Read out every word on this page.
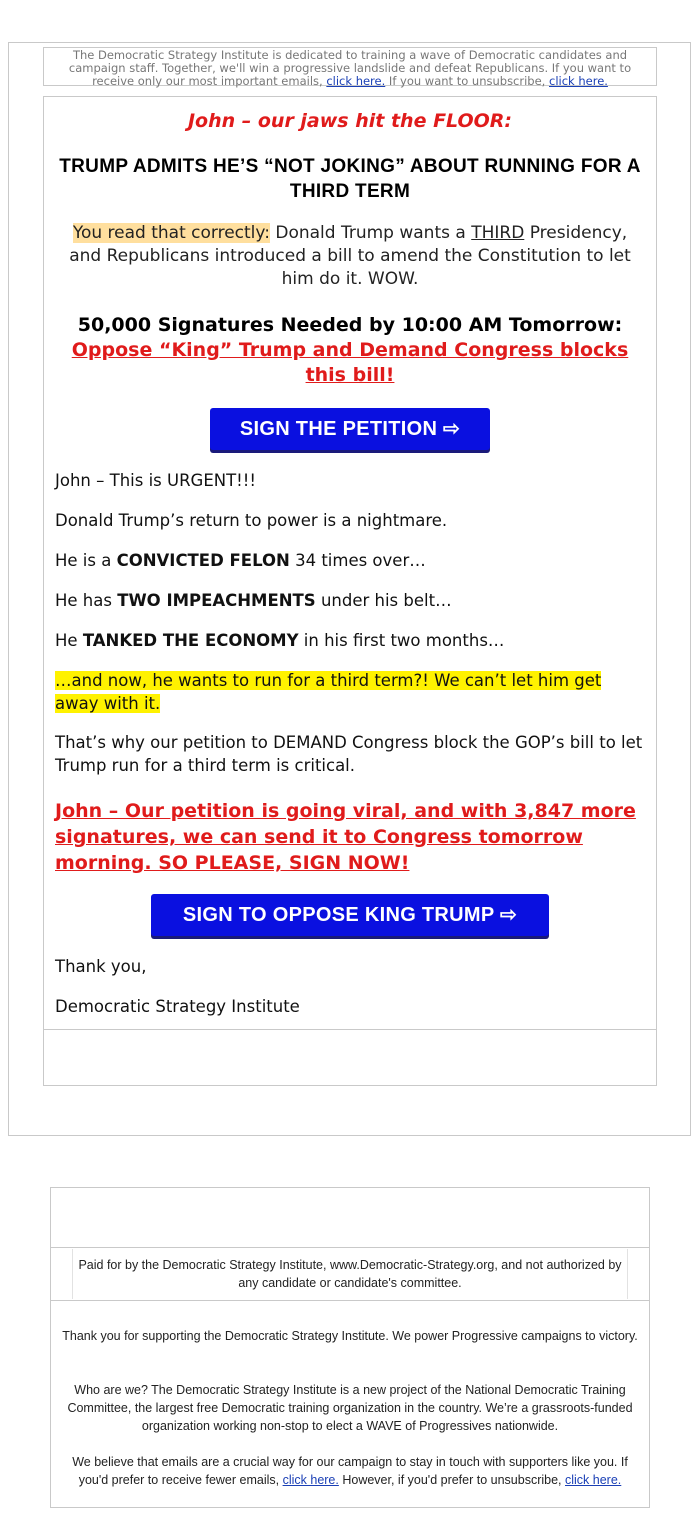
The Democratic Strategy Institute is dedicated to training a wave of Democratic candidates and campaign staff. Together, we'll win a progressive landslide and defeat Republicans. If you want to receive only our most important emails, click here. If you want to unsubscribe, click here.
John – our jaws hit the FLOOR:
TRUMP ADMITS HE’S “NOT JOKING” ABOUT RUNNING FOR A THIRD TERM
You read that correctly: Donald Trump wants a THIRD Presidency, and Republicans introduced a bill to amend the Constitution to let him do it. WOW.
50,000 Signatures Needed by 10:00 AM Tomorrow:
Oppose “King” Trump and Demand Congress blocks this bill!
SIGN THE PETITION ⇨
John – This is URGENT!!!
Donald Trump’s return to power is a nightmare.
He is a CONVICTED FELON 34 times over…
He has TWO IMPEACHMENTS under his belt…
He TANKED THE ECONOMY in his first two months…
…and now, he wants to run for a third term?! We can’t let him get away with it.
That’s why our petition to DEMAND Congress block the GOP’s bill to let Trump run for a third term is critical.
John – Our petition is going viral, and with 3,847 more signatures, we can send it to Congress tomorrow morning. SO PLEASE, SIGN NOW!
SIGN TO OPPOSE KING TRUMP ⇨
Thank you,
Democratic Strategy Institute
Paid for by the Democratic Strategy Institute, www.Democratic-Strategy.org, and not authorized by any candidate or candidate's committee.
Thank you for supporting the Democratic Strategy Institute. We power Progressive campaigns to victory.
Who are we? The Democratic Strategy Institute is a new project of the National Democratic Training Committee, the largest free Democratic training organization in the country. We’re a grassroots-funded organization working non-stop to elect a WAVE of Progressives nationwide.
We believe that emails are a crucial way for our campaign to stay in touch with supporters like you. If you'd prefer to receive fewer emails, click here. However, if you'd prefer to unsubscribe, click here.
